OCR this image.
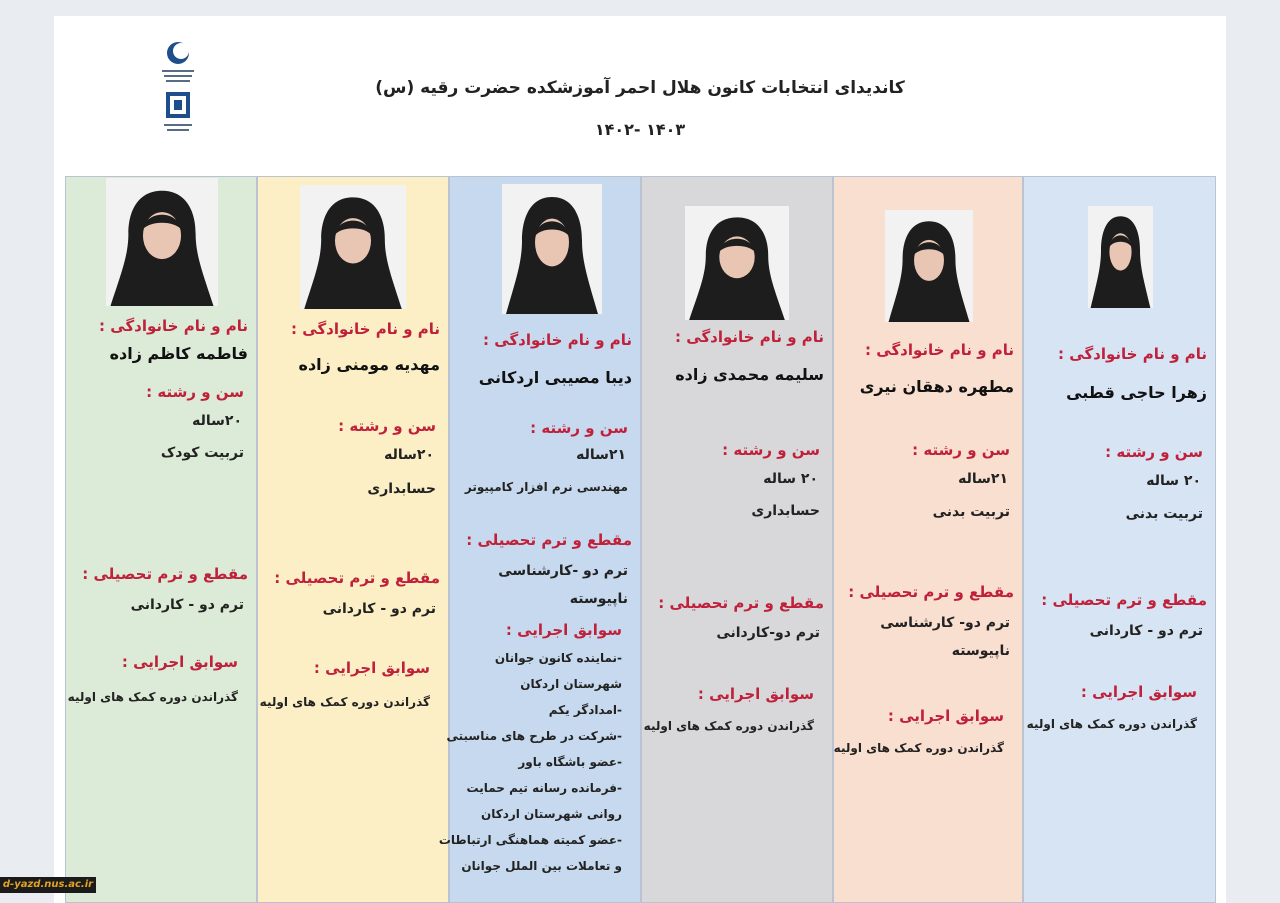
کاندیدای انتخابات کانون هلال احمر آموزشکده حضرت رقیه (س)
۱۴۰۳ -۱۴۰۲
نام و نام خانوادگی :
فاطمه کاظم زاده
سن و رشته :
۲۰ساله
تربیت کودک
مقطع و ترم تحصیلی :
ترم دو - کاردانی
سوابق اجرایی :
گذراندن دوره کمک های اولیه
نام و نام خانوادگی :
مهدیه مومنی زاده
سن و رشته :
۲۰ساله
حسابداری
مقطع و ترم تحصیلی :
ترم دو - کاردانی
سوابق اجرایی :
گذراندن دوره کمک های اولیه
نام و نام خانوادگی :
دیبا مصیبی اردکانی
سن و رشته :
۲۱ساله
مهندسی نرم افزار کامپیوتر
مقطع و ترم تحصیلی :
ترم دو -کارشناسی
ناپیوسته
سوابق اجرایی :
-نماینده کانون جوانان
شهرستان اردکان
-امدادگر یکم
-شرکت در طرح های مناسبتی
-عضو باشگاه باور
-فرمانده رسانه تیم حمایت
روانی شهرستان اردکان
-عضو کمیته هماهنگی ارتباطات
و تعاملات بین الملل جوانان
نام و نام خانوادگی :
سلیمه محمدی زاده
سن و رشته :
۲۰ ساله
حسابداری
مقطع و ترم تحصیلی :
ترم دو-کاردانی
سوابق اجرایی :
گذراندن دوره کمک های اولیه
نام و نام خانوادگی :
مطهره دهقان نیری
سن و رشته :
۲۱ساله
تربیت بدنی
مقطع و ترم تحصیلی :
ترم دو- کارشناسی
ناپیوسته
سوابق اجرایی :
گذراندن دوره کمک های اولیه
نام و نام خانوادگی :
زهرا حاجی قطبی
سن و رشته :
۲۰ ساله
تربیت بدنی
مقطع و ترم تحصیلی :
ترم دو - کاردانی
سوابق اجرایی :
گذراندن دوره کمک های اولیه
d-yazd.nus.ac.ir
